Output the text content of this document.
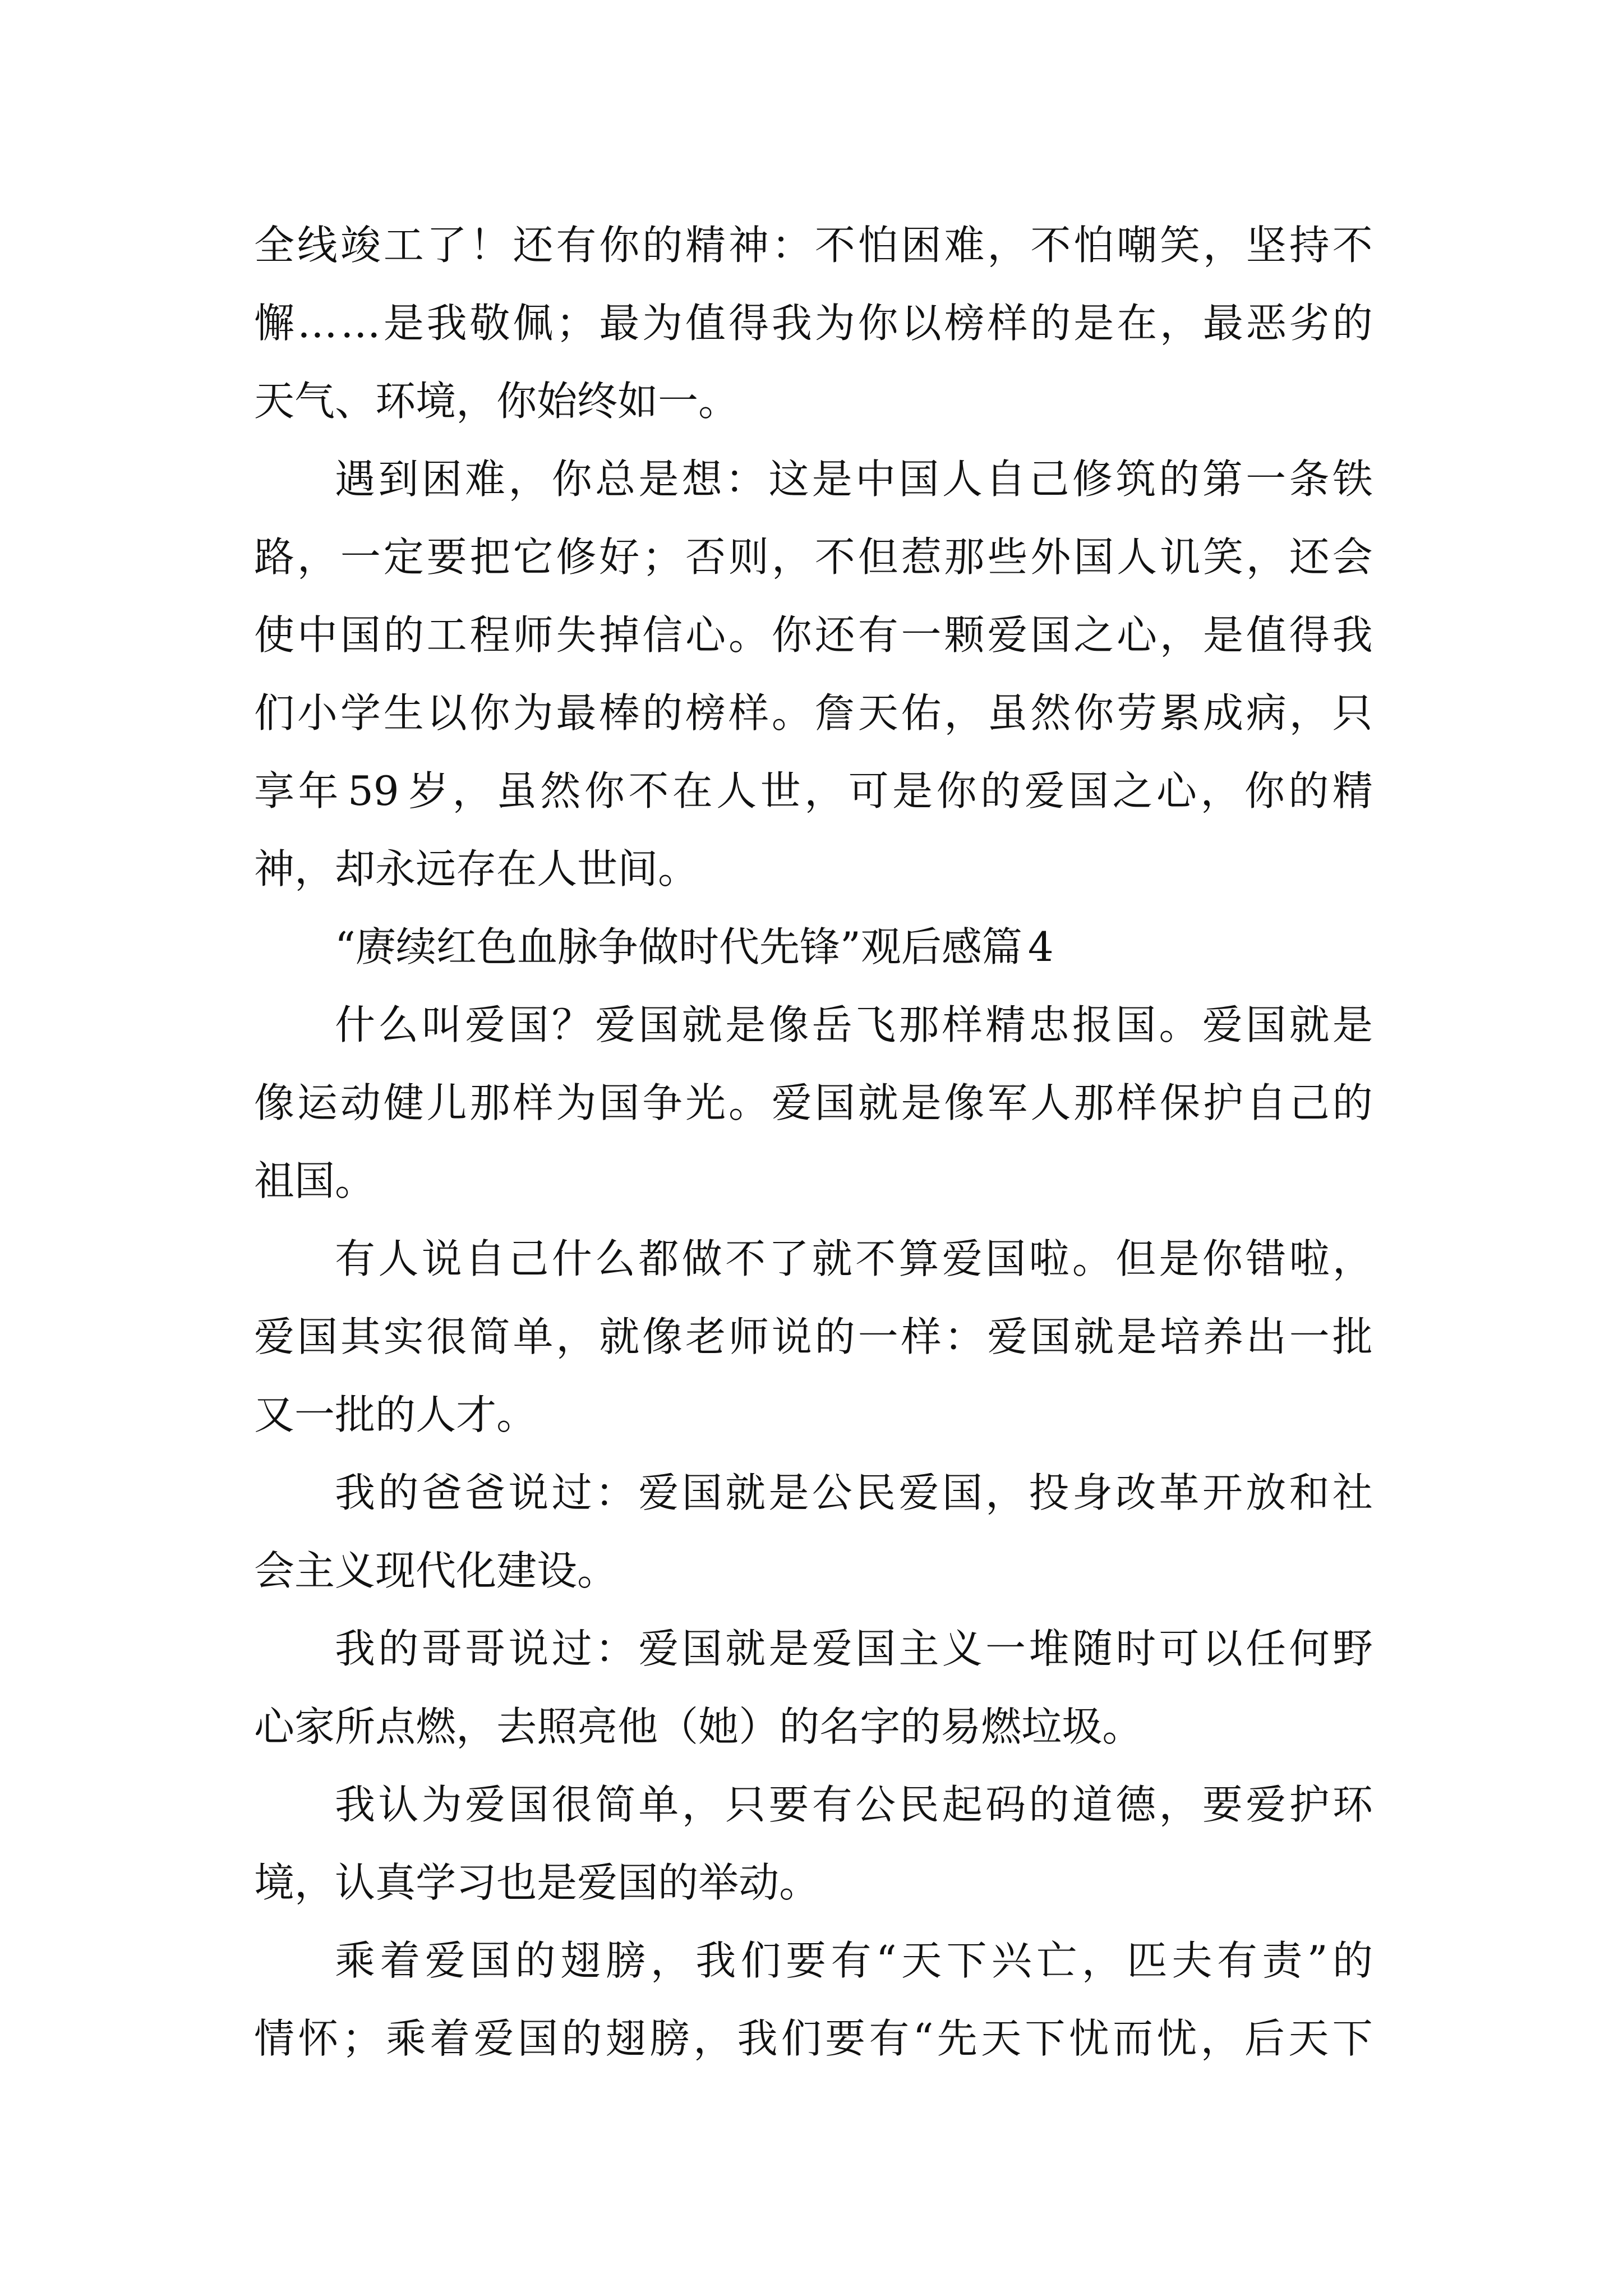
全 线 竣 工 了 ！ 还 有 你 的 精 神 ： 不 怕 困 难 ， 不 怕 嘲 笑 ， 坚 持 不
懈 … … 是 我 敬 佩 ； 最 为 值 得 我 为 你 以 榜 样 的 是 在 ， 最 恶 劣 的
天 气 、 环 境 ， 你 始 终 如 一 。
遇 到 困 难 ， 你 总 是 想 ： 这 是 中 国 人 自 己 修 筑 的 第 一 条 铁
路 ， 一 定 要 把 它 修 好 ； 否 则 ， 不 但 惹 那 些 外 国 人 讥 笑 ， 还 会
使 中 国 的 工 程 师 失 掉 信 心 。 你 还 有 一 颗 爱 国 之 心 ， 是 值 得 我
们 小 学 生 以 你 为 最 棒 的 榜 样 。 詹 天 佑 ， 虽 然 你 劳 累 成 病 ， 只
享 年 59 岁 ， 虽 然 你 不 在 人 世 ， 可 是 你 的 爱 国 之 心 ， 你 的 精
神 ， 却 永 远 存 在 人 世 间 。
“ 赓 续 红 色 血 脉 争 做 时 代 先 锋 ” 观 后 感 篇 4
什 么 叫 爱 国 ？ 爱 国 就 是 像 岳 飞 那 样 精 忠 报 国 。 爱 国 就 是
像 运 动 健 儿 那 样 为 国 争 光 。 爱 国 就 是 像 军 人 那 样 保 护 自 己 的
祖 国 。
有 人 说 自 己 什 么 都 做 不 了 就 不 算 爱 国 啦 。 但 是 你 错 啦 ，
爱 国 其 实 很 简 单 ， 就 像 老 师 说 的 一 样 ： 爱 国 就 是 培 养 出 一 批
又 一 批 的 人 才 。
我 的 爸 爸 说 过 ： 爱 国 就 是 公 民 爱 国 ， 投 身 改 革 开 放 和 社
会 主 义 现 代 化 建 设 。
我 的 哥 哥 说 过 ： 爱 国 就 是 爱 国 主 义 一 堆 随 时 可 以 任 何 野
心 家 所 点 燃 ， 去 照 亮 他 （ 她 ） 的 名 字 的 易 燃 垃 圾 。
我 认 为 爱 国 很 简 单 ， 只 要 有 公 民 起 码 的 道 德 ， 要 爱 护 环
境 ， 认 真 学 习 也 是 爱 国 的 举 动 。
乘 着 爱 国 的 翅 膀 ， 我 们 要 有 “ 天 下 兴 亡 ， 匹 夫 有 责 ” 的
情 怀 ； 乘 着 爱 国 的 翅 膀 ， 我 们 要 有 “ 先 天 下 忧 而 忧 ， 后 天 下
